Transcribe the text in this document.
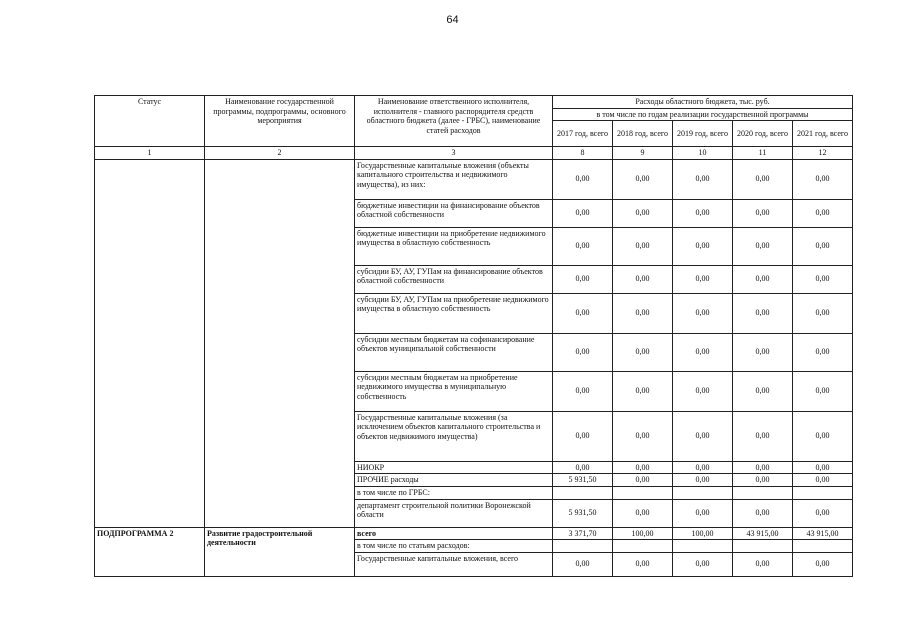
64
Статус	Наименование государственной программы, подпрограммы, основного мероприятия	Наименование ответственного исполнителя, исполнителя - главного распорядителя средств областного бюджета (далее - ГРБС), наименование статей расходов	Расходы областного бюджета, тыс. руб.				
			в том числе по годам реализации государственной программы				
			2017 год, всего	2018 год, всего	2019 год, всего	2020 год, всего	2021 год, всего
1	2	3	8	9	10	11	12
		Государственные капитальные вложения (объекты капитального строительства и недвижимого имущества), из них:	0,00	0,00	0,00	0,00	0,00
		бюджетные инвестиции на финансирование объектов областной собственности	0,00	0,00	0,00	0,00	0,00
		бюджетные инвестиции на приобретение недвижимого имущества в областную собственность	0,00	0,00	0,00	0,00	0,00
		субсидии БУ, АУ, ГУПам на финансирование объектов областной собственности	0,00	0,00	0,00	0,00	0,00
		субсидии БУ, АУ, ГУПам на приобретение недвижимого имущества в областную собственность	0,00	0,00	0,00	0,00	0,00
		субсидии местным бюджетам на софинансирование объектов муниципальной собственности	0,00	0,00	0,00	0,00	0,00
		субсидии местным бюджетам на приобретение недвижимого имущества в муниципальную собственность	0,00	0,00	0,00	0,00	0,00
		Государственные капитальные вложения (за исключением объектов капитального строительства и объектов недвижимого имущества)	0,00	0,00	0,00	0,00	0,00
		НИОКР	0,00	0,00	0,00	0,00	0,00
		ПРОЧИЕ расходы	5 931,50	0,00	0,00	0,00	0,00
		в том числе по ГРБС:					
		департамент строительной политики Воронежской области	5 931,50	0,00	0,00	0,00	0,00
ПОДПРОГРАММА 2	Развитие градостроительной деятельности	всего	3 371,70	100,00	100,00	43 915,00	43 915,00
		в том числе по статьям расходов:					
		Государственные капитальные вложения, всего	0,00	0,00	0,00	0,00	0,00
